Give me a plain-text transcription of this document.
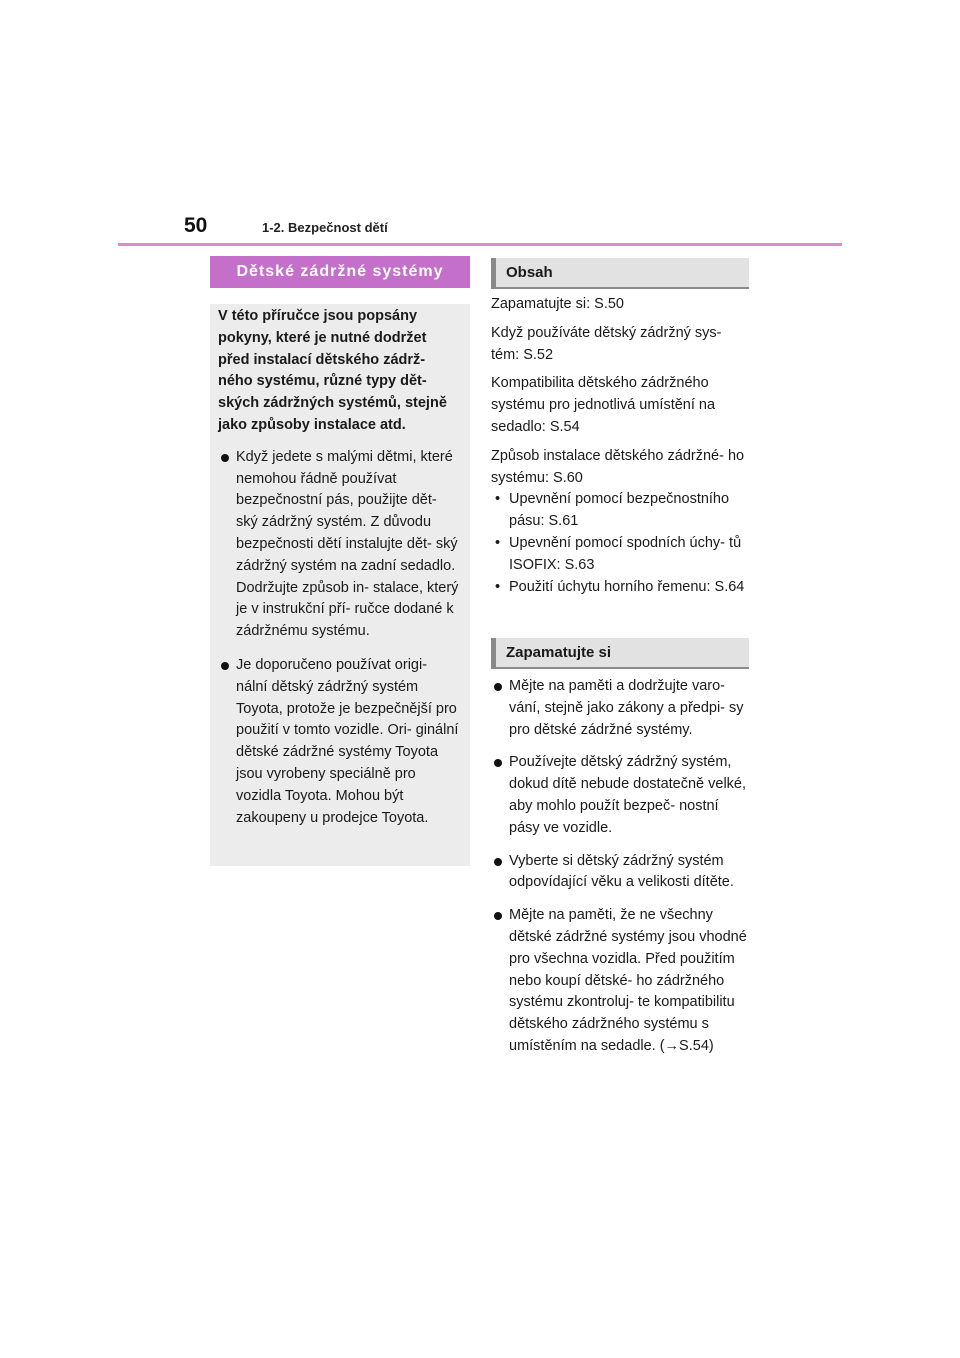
50	1-2. Bezpečnost dětí
Dětské zádržné systémy

V této příručce jsou popsány pokyny, které je nutné dodržet před instalací dětského zádrž- ného systému, různé typy dět- ských zádržných systémů, stejně jako způsoby instalace atd.

Když jedete s malými dětmi, které nemohou řádně používat bezpečnostní pás, použijte dět- ský zádržný systém. Z důvodu bezpečnosti dětí instalujte dět- ský zádržný systém na zadní sedadlo. Dodržujte způsob in- stalace, který je v instrukční pří- ručce dodané k zádržnému systému.
Je doporučeno používat origi- nální dětský zádržný systém Toyota, protože je bezpečnější pro použití v tomto vozidle. Ori- ginální dětské zádržné systémy Toyota jsou vyrobeny speciálně pro vozidla Toyota. Mohou být zakoupeny u prodejce Toyota.
Obsah

Zapamatujte si: S.50

Když používáte dětský zádržný sys- tém: S.52

Kompatibilita dětského zádržného systému pro jednotlivá umístění na sedadlo: S.54

Způsob instalace dětského zádržné- ho systému: S.60

• Upevnění pomocí bezpečnostního pásu: S.61
• Upevnění pomocí spodních úchy- tů ISOFIX: S.63
• Použití úchytu horního řemenu: S.64
Zapamatujte si
Mějte na paměti a dodržujte varo- vání, stejně jako zákony a předpi- sy pro dětské zádržné systémy.
Používejte dětský zádržný systém, dokud dítě nebude dostatečně velké, aby mohlo použít bezpeč- nostní pásy ve vozidle.
Vyberte si dětský zádržný systém odpovídající věku a velikosti dítěte.
Mějte na paměti, že ne všechny dětské zádržné systémy jsou vhodné pro všechna vozidla. Před použitím nebo koupí dětské- ho zádržného systému zkontroluj- te kompatibilitu dětského zádržného systému s umístěním na sedadle. (→S.54)
